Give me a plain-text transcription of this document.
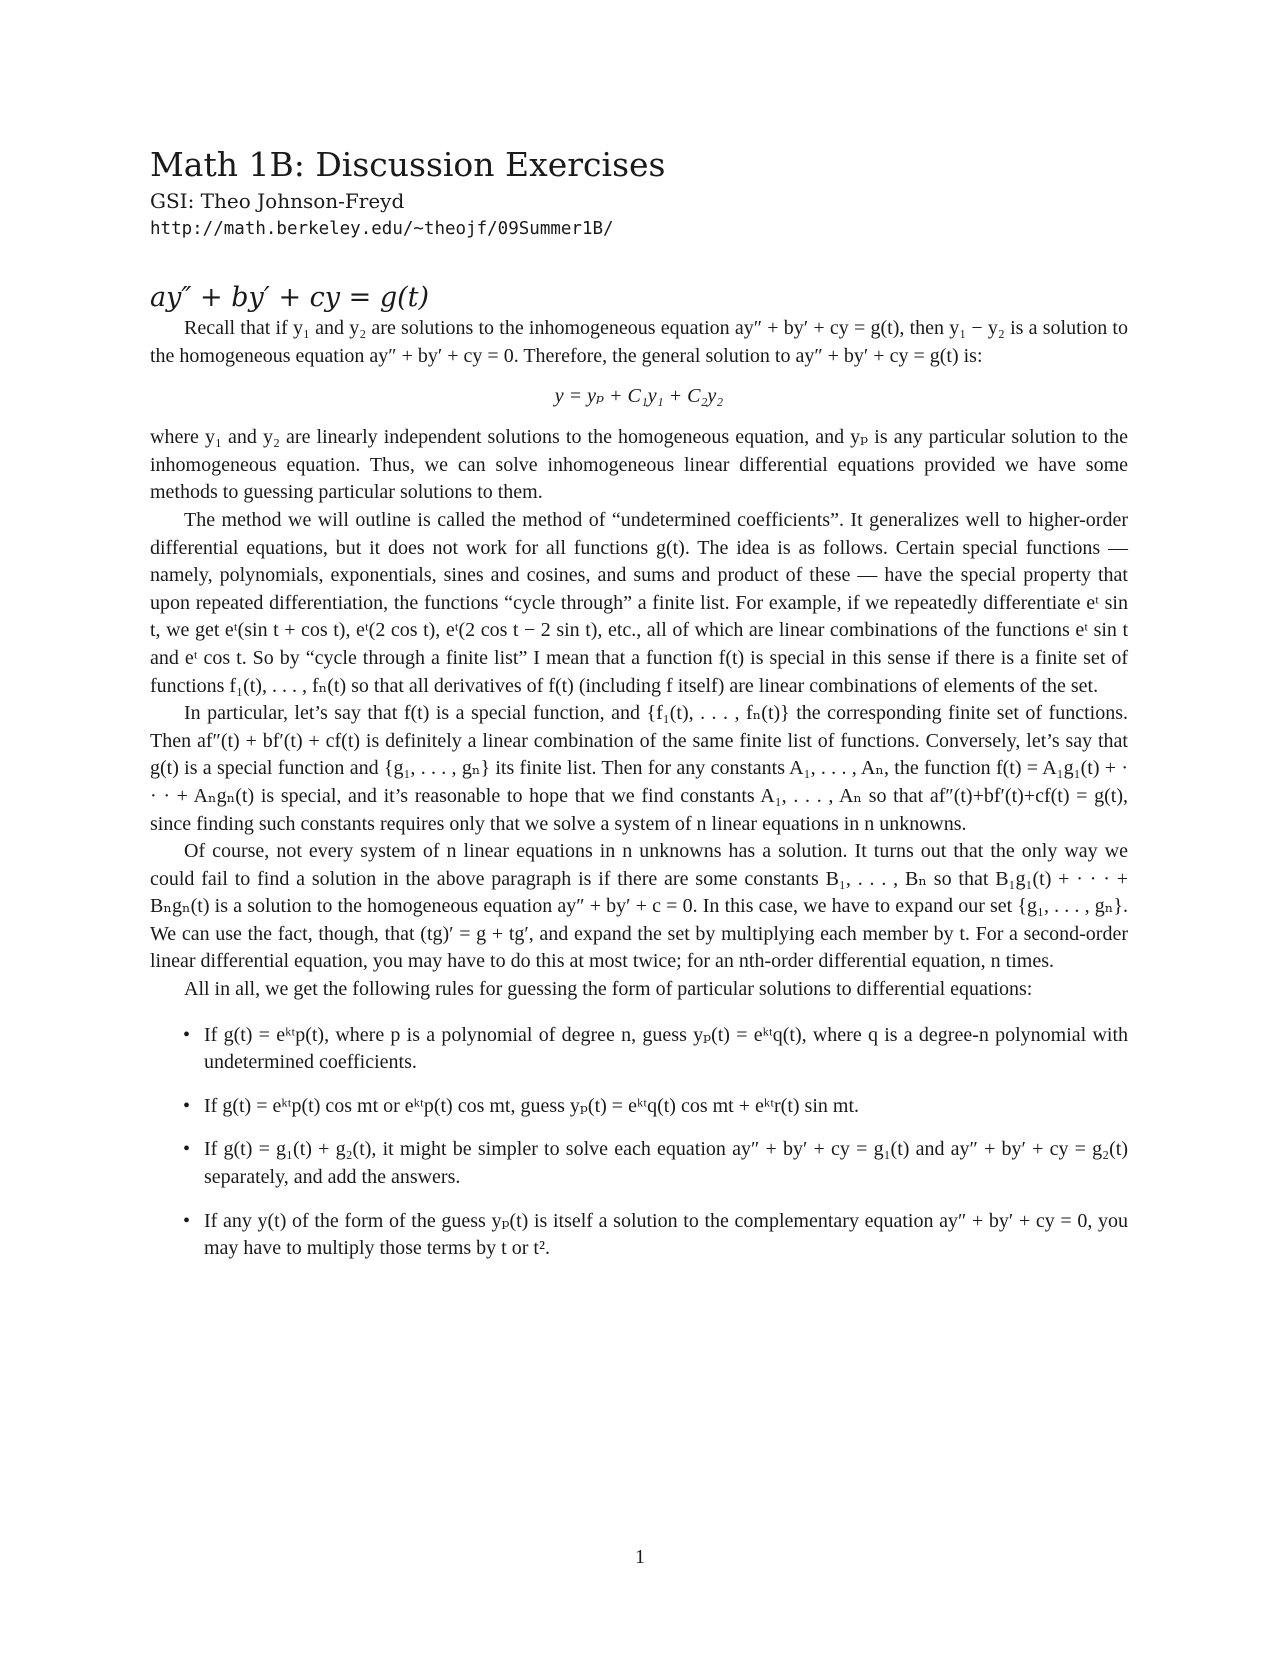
Math 1B: Discussion Exercises
GSI: Theo Johnson-Freyd
http://math.berkeley.edu/~theojf/09Summer1B/
ay″ + by′ + cy = g(t)

Recall that if y₁ and y₂ are solutions to the inhomogeneous equation ay″ + by′ + cy = g(t), then y₁ − y₂ is a solution to the homogeneous equation ay″ + by′ + cy = 0. Therefore, the general solution to ay″ + by′ + cy = g(t) is:

y = yₚ + C₁y₁ + C₂y₂

where y₁ and y₂ are linearly independent solutions to the homogeneous equation, and yₚ is any particular solution to the inhomogeneous equation. Thus, we can solve inhomogeneous linear differential equations provided we have some methods to guessing particular solutions to them.

The method we will outline is called the method of “undetermined coefficients”. It generalizes well to higher-order differential equations, but it does not work for all functions g(t). The idea is as follows. Certain special functions — namely, polynomials, exponentials, sines and cosines, and sums and product of these — have the special property that upon repeated differentiation, the functions “cycle through” a finite list. For example, if we repeatedly differentiate eᵗ sin t, we get eᵗ(sin t + cos t), eᵗ(2 cos t), eᵗ(2 cos t − 2 sin t), etc., all of which are linear combinations of the functions eᵗ sin t and eᵗ cos t. So by “cycle through a finite list” I mean that a function f(t) is special in this sense if there is a finite set of functions f₁(t), . . . , fₙ(t) so that all derivatives of f(t) (including f itself) are linear combinations of elements of the set.

In particular, let’s say that f(t) is a special function, and {f₁(t), . . . , fₙ(t)} the corresponding finite set of functions. Then af″(t) + bf′(t) + cf(t) is definitely a linear combination of the same finite list of functions. Conversely, let’s say that g(t) is a special function and {g₁, . . . , gₙ} its finite list. Then for any constants A₁, . . . , Aₙ, the function f(t) = A₁g₁(t) + · · · + Aₙgₙ(t) is special, and it’s reasonable to hope that we find constants A₁, . . . , Aₙ so that af″(t)+bf′(t)+cf(t) = g(t), since finding such constants requires only that we solve a system of n linear equations in n unknowns.

Of course, not every system of n linear equations in n unknowns has a solution. It turns out that the only way we could fail to find a solution in the above paragraph is if there are some constants B₁, . . . , Bₙ so that B₁g₁(t) + · · · + Bₙgₙ(t) is a solution to the homogeneous equation ay″ + by′ + c = 0. In this case, we have to expand our set {g₁, . . . , gₙ}. We can use the fact, though, that (tg)′ = g + tg′, and expand the set by multiplying each member by t. For a second-order linear differential equation, you may have to do this at most twice; for an nth-order differential equation, n times.

All in all, we get the following rules for guessing the form of particular solutions to differential equations:

• If g(t) = eᵏᵗp(t), where p is a polynomial of degree n, guess yₚ(t) = eᵏᵗq(t), where q is a degree-n polynomial with undetermined coefficients.
• If g(t) = eᵏᵗp(t) cos mt or eᵏᵗp(t) cos mt, guess yₚ(t) = eᵏᵗq(t) cos mt + eᵏᵗr(t) sin mt.
• If g(t) = g₁(t) + g₂(t), it might be simpler to solve each equation ay″ + by′ + cy = g₁(t) and ay″ + by′ + cy = g₂(t) separately, and add the answers.
• If any y(t) of the form of the guess yₚ(t) is itself a solution to the complementary equation ay″ + by′ + cy = 0, you may have to multiply those terms by t or t².
1
